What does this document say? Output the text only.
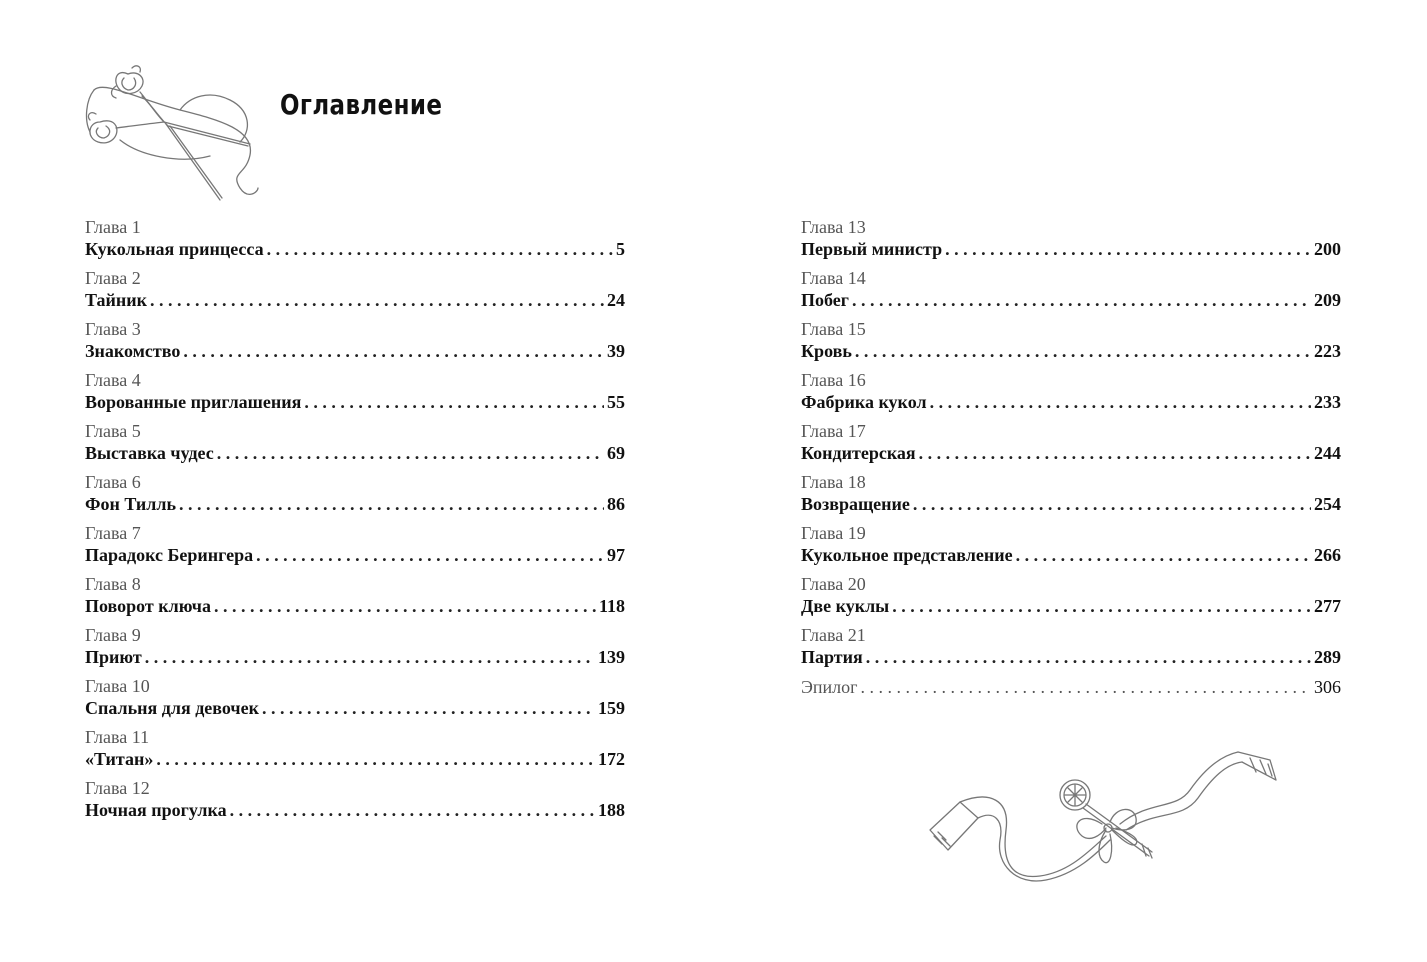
Оглавление
Глава 1
Кукольная принцесса . . .	5
Глава 2
Тайник . . .	24
Глава 3
Знакомство . . .	39
Глава 4
Ворованные приглашения . . .	55
Глава 5
Выставка чудес . . .	69
Глава 6
Фон Тилль . . .	86
Глава 7
Парадокс Берингера . . .	97
Глава 8
Поворот ключа . . .	118
Глава 9
Приют . . .	139
Глава 10
Спальня для девочек . . .	159
Глава 11
«Титан» . . .	172
Глава 12
Ночная прогулка . . .	188
Глава 13
Первый министр . . .	200
Глава 14
Побег . . .	209
Глава 15
Кровь . . .	223
Глава 16
Фабрика кукол . . .	233
Глава 17
Кондитерская . . .	244
Глава 18
Возвращение . . .	254
Глава 19
Кукольное представление . . .	266
Глава 20
Две куклы . . .	277
Глава 21
Партия . . .	289
Эпилог . . .	306
